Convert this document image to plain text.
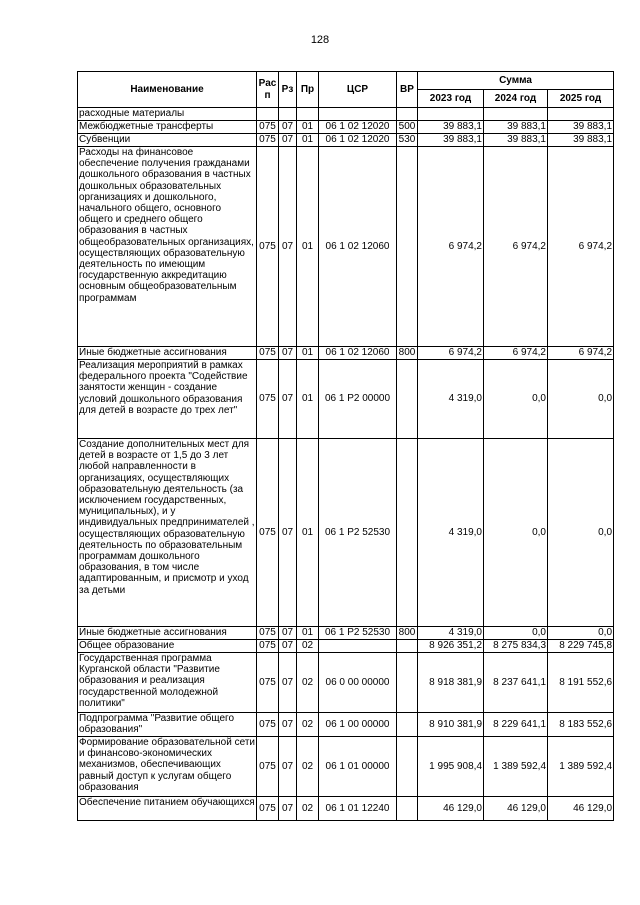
128
Наименование	Рас п	Рз	Пр	ЦСР	ВР	Сумма		
						2023 год	2024 год	2025 год
расходные материалы								
Межбюджетные трансферты	075	07	01	06 1 02 12020	500	39 883,1	39 883,1	39 883,1
Субвенции	075	07	01	06 1 02 12020	530	39 883,1	39 883,1	39 883,1
Расходы на финансовое обеспечение получения гражданами дошкольного образования в частных дошкольных образовательных организациях и дошкольного, начального общего, основного общего и среднего общего образования в частных общеобразовательных организациях, осуществляющих образовательную деятельность по имеющим государственную аккредитацию основным общеобразовательным программам	075	07	01	06 1 02 12060		6 974,2	6 974,2	6 974,2
Иные бюджетные ассигнования	075	07	01	06 1 02 12060	800	6 974,2	6 974,2	6 974,2
Реализация мероприятий в рамках федерального проекта "Содействие занятости женщин - создание условий дошкольного образования для детей в возрасте до трех лет"	075	07	01	06 1 P2 00000		4 319,0	0,0	0,0
Создание дополнительных мест для детей в возрасте от 1,5 до 3 лет любой направленности в организациях, осуществляющих образовательную деятельность (за исключением государственных, муниципальных), и у индивидуальных предпринимателей , осуществляющих образовательную деятельность по образовательным программам дошкольного образования, в том числе адаптированным, и присмотр и уход за детьми	075	07	01	06 1 P2 52530		4 319,0	0,0	0,0
Иные бюджетные ассигнования	075	07	01	06 1 P2 52530	800	4 319,0	0,0	0,0
Общее образование	075	07	02			8 926 351,2	8 275 834,3	8 229 745,8
Государственная программа Курганской области "Развитие образования и реализация государственной молодежной политики"	075	07	02	06 0 00 00000		8 918 381,9	8 237 641,1	8 191 552,6
Подпрограмма "Развитие общего образования"	075	07	02	06 1 00 00000		8 910 381,9	8 229 641,1	8 183 552,6
Формирование образовательной сети и финансово-экономических механизмов, обеспечивающих равный доступ к услугам общего образования	075	07	02	06 1 01 00000		1 995 908,4	1 389 592,4	1 389 592,4
Обеспечение питанием обучающихся	075	07	02	06 1 01 12240		46 129,0	46 129,0	46 129,0
